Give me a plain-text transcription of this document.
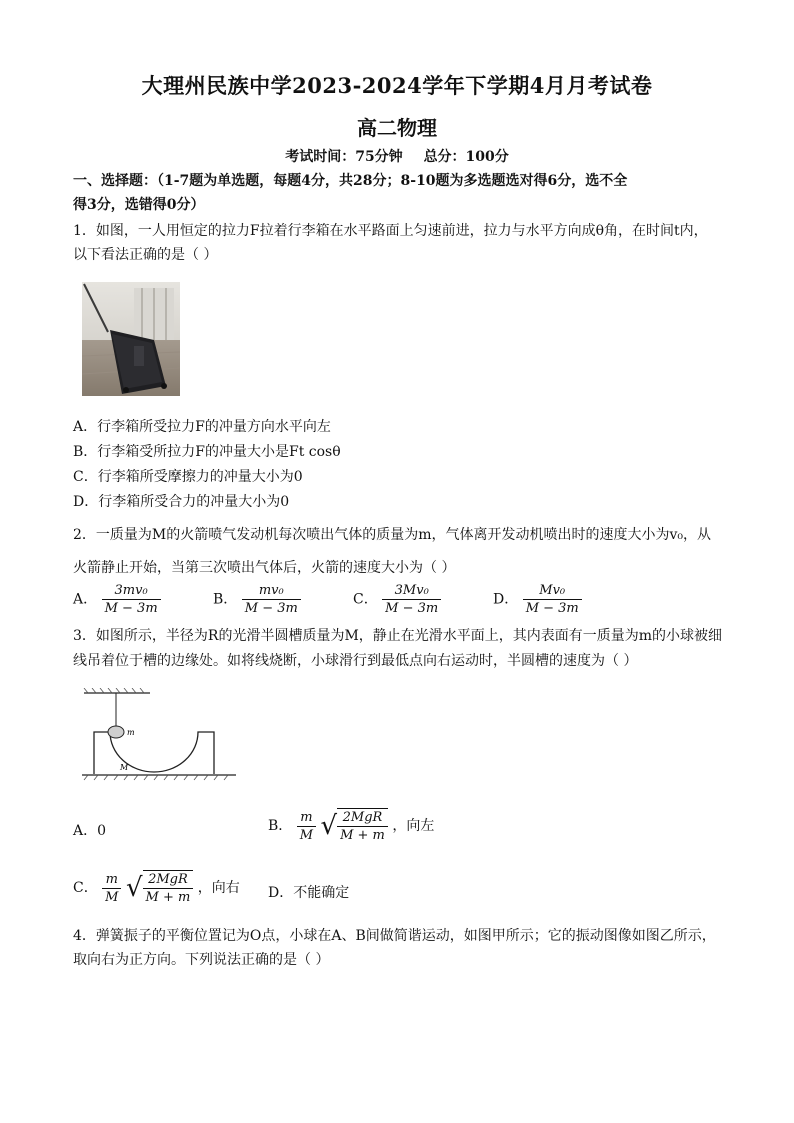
大理州民族中学2023-2024学年下学期4月月考试卷
高二物理
考试时间：75分钟 总分：100分
一、选择题：（1-7题为单选题，每题4分，共28分；8-10题为多选题选对得6分，选不全
得3分，选错得0分）
1．如图，一人用恒定的拉力F拉着行李箱在水平路面上匀速前进，拉力与水平方向成θ角，在时间t内，
以下看法正确的是（ ）
A．行李箱所受拉力F的冲量方向水平向左
B．行李箱受所拉力F的冲量大小是Ft cosθ
C．行李箱所受摩擦力的冲量大小为0
D．行李箱所受合力的冲量大小为0
2．一质量为M的火箭喷气发动机每次喷出气体的质量为m，气体离开发动机喷出时的速度大小为v₀，从
火箭静止开始，当第三次喷出气体后，火箭的速度大小为（ ）
A． $\frac{\text{3mv₀}}{M - 3m}$	B． $\frac{\text{mv₀}}{M - 3m}$	C． $\frac{\text{3Mv₀}}{M - 3m}$	D． $\frac{\text{Mv₀}}{M - 3m}$
3．如图所示，半径为R的光滑半圆槽质量为M，静止在光滑水平面上，其内表面有一质量为m的小球被细
线吊着位于槽的边缘处。如将线烧断，小球滑行到最低点向右运动时，半圆槽的速度为（ ）
m
M
A．0	B． $\frac{m}{M}$ √ $\frac{\text{2MgR}}{M + m}$ ，向左
C． $\frac{m}{M}$ √ $\frac{\text{2MgR}}{M + m}$ ，向右 D．不能确定
4．弹簧振子的平衡位置记为O点，小球在A、B间做简谐运动，如图甲所示；它的振动图像如图乙所示，
取向右为正方向。下列说法正确的是（ ）
